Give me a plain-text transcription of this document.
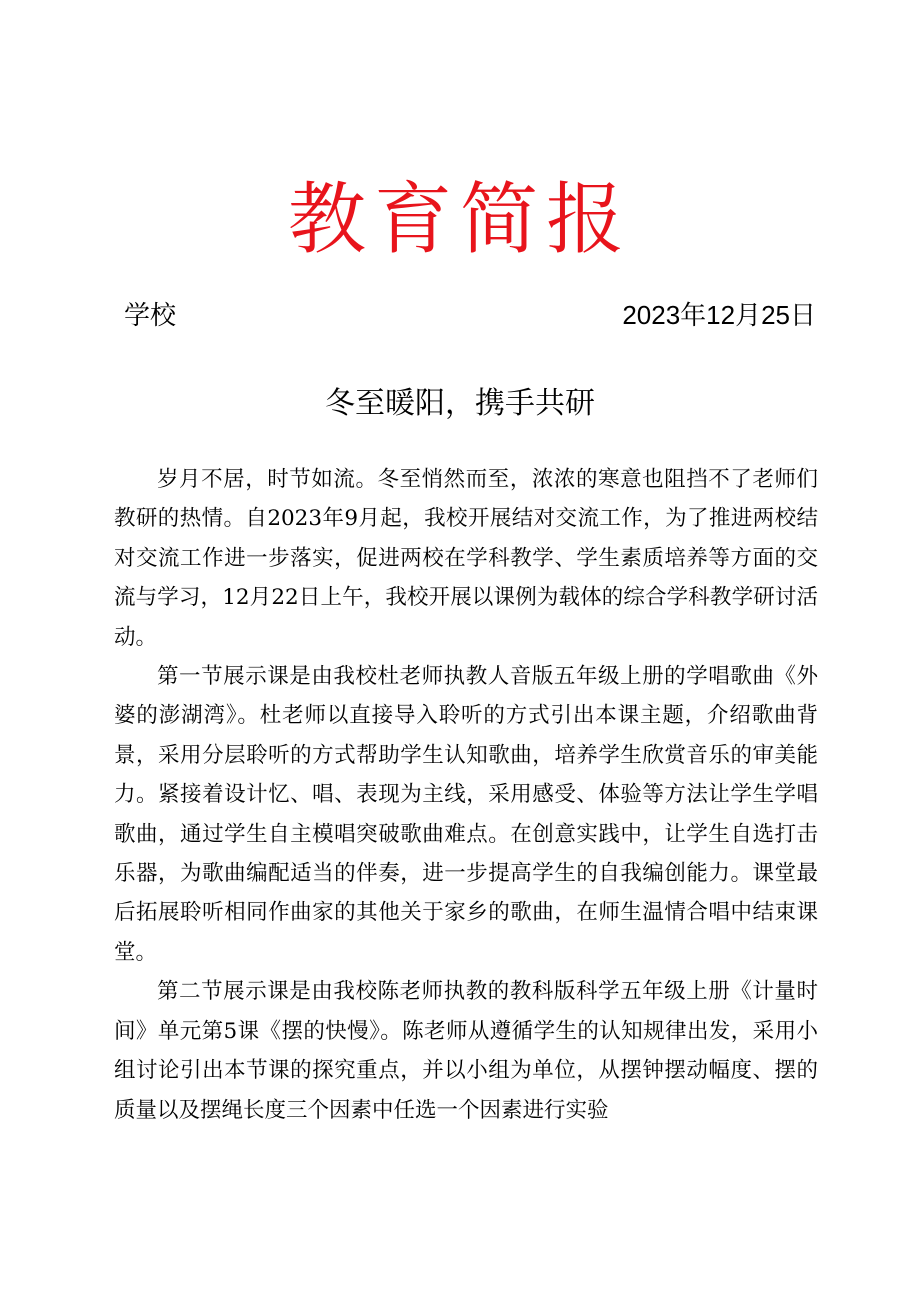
教育简报
学校	2023年12月25日
冬至暖阳，携手共研

岁月不居，时节如流。冬至悄然而至，浓浓的寒意也阻挡不了老师们教研的热情。自2023年9月起，我校开展结对交流工作，为了推进两校结对交流工作进一步落实，促进两校在学科教学、学生素质培养等方面的交流与学习，12月22日上午，我校开展以课例为载体的综合学科教学研讨活动。

第一节展示课是由我校杜老师执教人音版五年级上册的学唱歌曲《外婆的澎湖湾》。杜老师以直接导入聆听的方式引出本课主题，介绍歌曲背景，采用分层聆听的方式帮助学生认知歌曲，培养学生欣赏音乐的审美能力。紧接着设计忆、唱、表现为主线，采用感受、体验等方法让学生学唱歌曲，通过学生自主模唱突破歌曲难点。在创意实践中，让学生自选打击乐器，为歌曲编配适当的伴奏，进一步提高学生的自我编创能力。课堂最后拓展聆听相同作曲家的其他关于家乡的歌曲，在师生温情合唱中结束课堂。

第二节展示课是由我校陈老师执教的教科版科学五年级上册《计量时间》单元第5课《摆的快慢》。陈老师从遵循学生的认知规律出发，采用小组讨论引出本节课的探究重点，并以小组为单位，从摆钟摆动幅度、摆的质量以及摆绳长度三个因素中任选一个因素进行实验
